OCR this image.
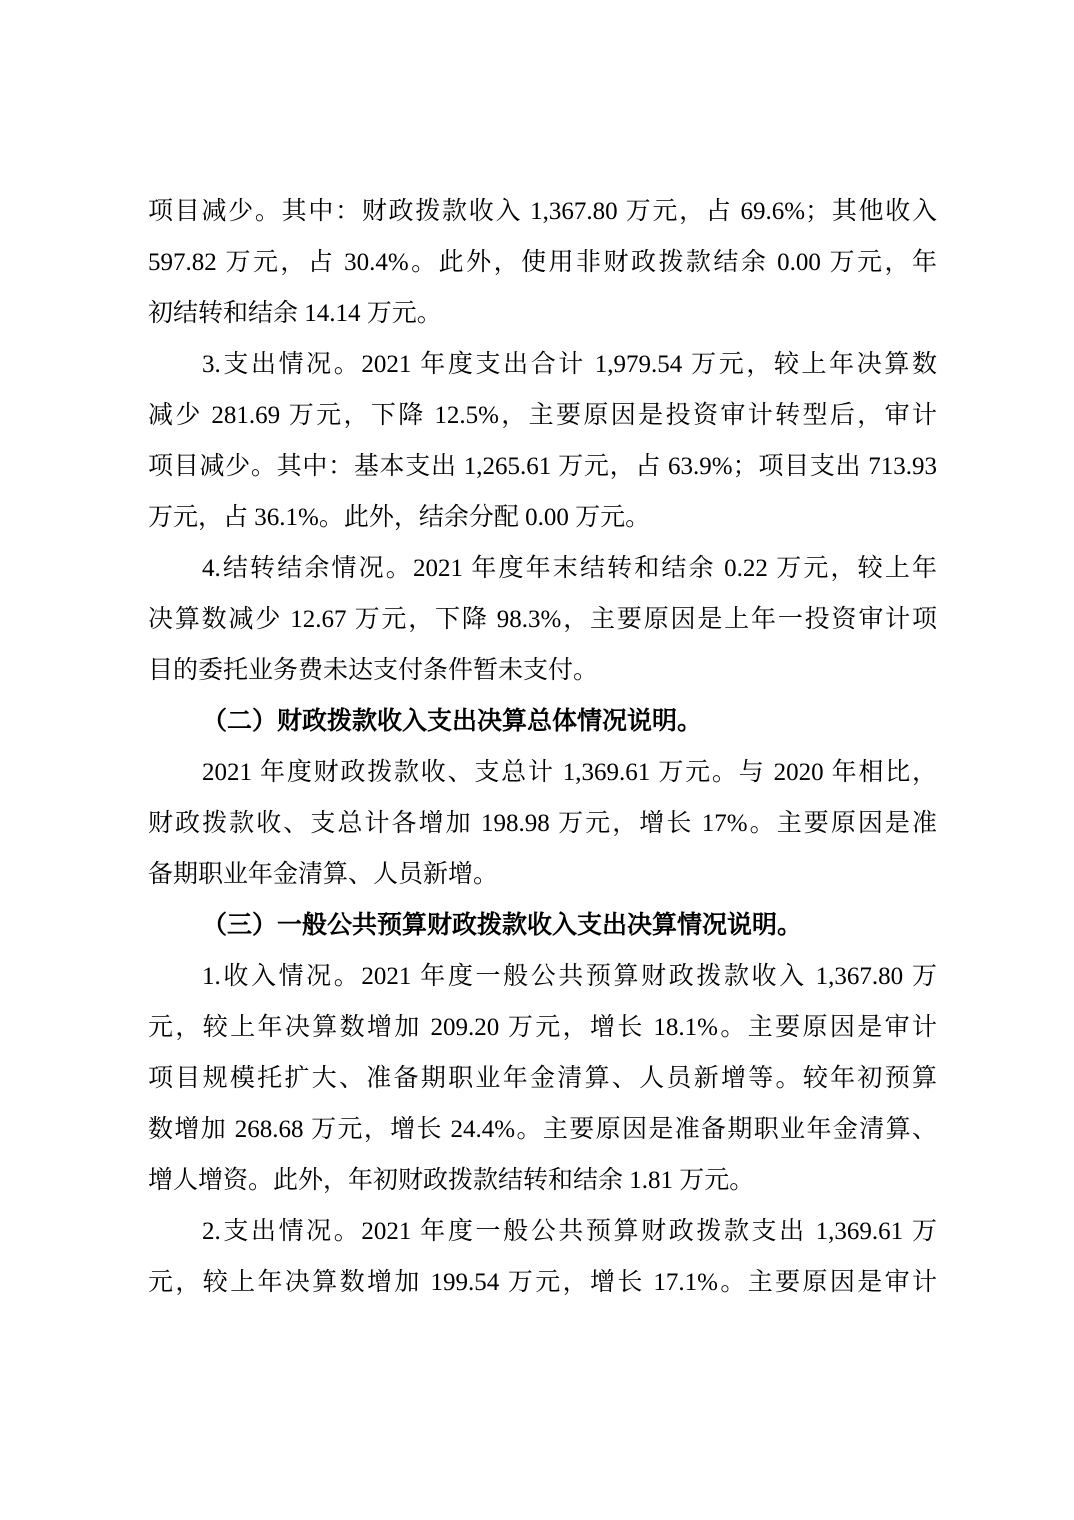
项目减少。其中：财政拨款收入 1,367.80 万元，占 69.6%；其他收入
597.82 万元，占 30.4%。此外，使用非财政拨款结余 0.00 万元，年
初结转和结余 14.14 万元。
3.支出情况。2021 年度支出合计 1,979.54 万元，较上年决算数
减少 281.69 万元，下降 12.5%，主要原因是投资审计转型后，审计
项目减少。其中：基本支出 1,265.61 万元，占 63.9%；项目支出 713.93
万元，占 36.1%。此外，结余分配 0.00 万元。
4.结转结余情况。2021 年度年末结转和结余 0.22 万元，较上年
决算数减少 12.67 万元，下降 98.3%，主要原因是上年一投资审计项
目的委托业务费未达支付条件暂未支付。
（二）财政拨款收入支出决算总体情况说明。
2021 年度财政拨款收、支总计 1,369.61 万元。与 2020 年相比，
财政拨款收、支总计各增加 198.98 万元，增长 17%。主要原因是准
备期职业年金清算、人员新增。
（三）一般公共预算财政拨款收入支出决算情况说明。
1.收入情况。2021 年度一般公共预算财政拨款收入 1,367.80 万
元，较上年决算数增加 209.20 万元，增长 18.1%。主要原因是审计
项目规模托扩大、准备期职业年金清算、人员新增等。较年初预算
数增加 268.68 万元，增长 24.4%。主要原因是准备期职业年金清算、
增人增资。此外，年初财政拨款结转和结余 1.81 万元。
2.支出情况。2021 年度一般公共预算财政拨款支出 1,369.61 万
元，较上年决算数增加 199.54 万元，增长 17.1%。主要原因是审计
